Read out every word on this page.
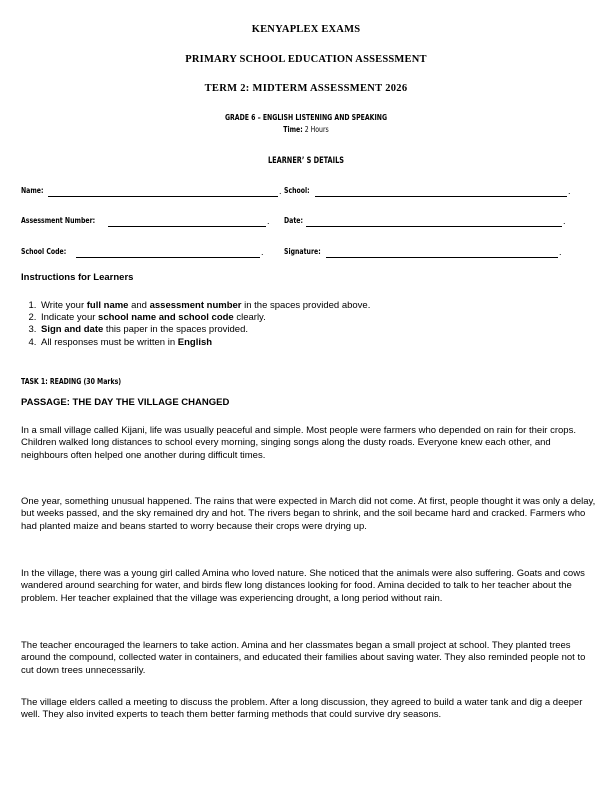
KENYAPLEX EXAMS
PRIMARY SCHOOL EDUCATION ASSESSMENT
TERM 2: MIDTERM ASSESSMENT 2026
GRADE 6 – ENGLISH LISTENING AND SPEAKING
Time: 2 Hours
LEARNER’ S DETAILS
Name:	. School:	.
Assessment Number:	. Date:	.
School Code:	.	Signature:	.
Instructions for Learners
1. Write your full name and assessment number in the spaces provided above.
2. Indicate your school name and school code clearly.
3. Sign and date this paper in the spaces provided.
4. All responses must be written in English
TASK 1: READING (30 Marks)
PASSAGE: THE DAY THE VILLAGE CHANGED

In a small village called Kijani, life was usually peaceful and simple. Most people were farmers who depended on rain for their crops. Children walked long distances to school every morning, singing songs along the dusty roads. Everyone knew each other, and neighbours often helped one another during difficult times.

One year, something unusual happened. The rains that were expected in March did not come. At first, people thought it was only a delay, but weeks passed, and the sky remained dry and hot. The rivers began to shrink, and the soil became hard and cracked. Farmers who had planted maize and beans started to worry because their crops were drying up.

In the village, there was a young girl called Amina who loved nature. She noticed that the animals were also suffering. Goats and cows wandered around searching for water, and birds flew long distances looking for food. Amina decided to talk to her teacher about the problem. Her teacher explained that the village was experiencing drought, a long period without rain.

The teacher encouraged the learners to take action. Amina and her classmates began a small project at school. They planted trees around the compound, collected water in containers, and educated their families about saving water. They also reminded people not to cut down trees unnecessarily.

The village elders called a meeting to discuss the problem. After a long discussion, they agreed to build a water tank and dig a deeper well. They also invited experts to teach them better farming methods that could survive dry seasons.
